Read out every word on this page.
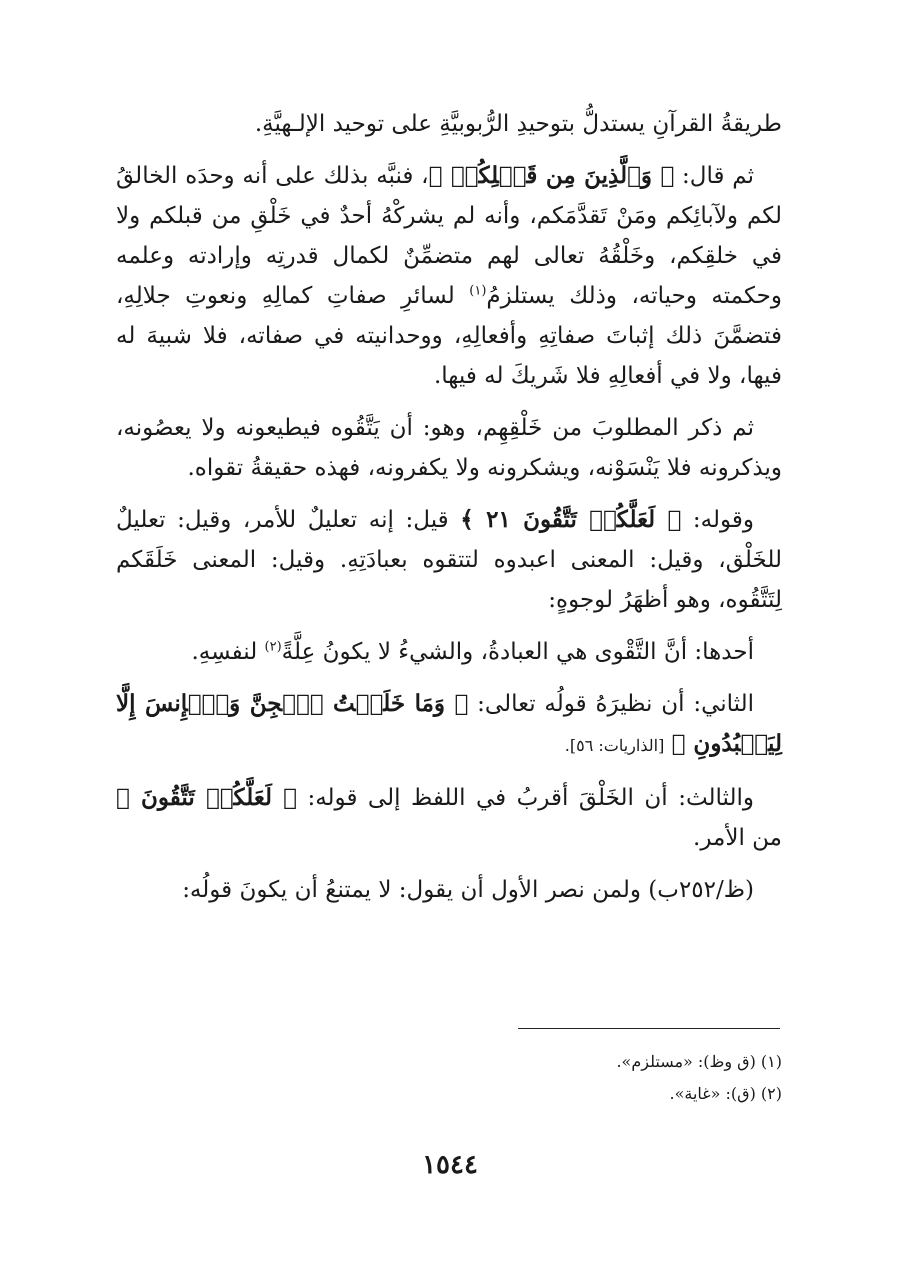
طريقةُ القرآنِ يستدلُّ بتوحيدِ الرُّبوبيَّةِ على توحيد الإلـهيَّةِ.

ثم قال: ﴿ وَٱلَّذِينَ مِن قَبۡلِكُمۡ ﴾، فنبَّه بذلك على أنه وحدَه الخالقُ لكم ولآبائِكم ومَنْ تَقدَّمَكم، وأنه لم يشركْهُ أحدٌ في خَلْقِ من قبلكم ولا في خلقِكم، وخَلْقُهُ تعالى لهم متضمِّنٌ لكمال قدرتِه وإرادته وعلمه وحكمته وحياته، وذلك يستلزمُ$^{(١)}$ لسائرِ صفاتِ كمالِهِ ونعوتِ جلالِهِ، فتضمَّنَ ذلك إثباتَ صفاتِهِ وأفعالِهِ، ووحدانيته في صفاته، فلا شبيهَ له فيها، ولا في أفعالِهِ فلا شَريكَ له فيها.

ثم ذكر المطلوبَ من خَلْقِهِم، وهو: أن يَتَّقُوه فيطيعونه ولا يعصُونه، ويذكرونه فلا يَنْسَوْنه، ويشكرونه ولا يكفرونه، فهذه حقيقةُ تقواه.

وقوله: ﴿ لَعَلَّكُمۡ تَتَّقُونَ ٢١ ﴾ قيل: إنه تعليلٌ للأمر، وقيل: تعليلٌ للخَلْق، وقيل: المعنى اعبدوه لتتقوه بعبادَتِهِ. وقيل: المعنى خَلَقَكم لِتَتَّقُوه، وهو أظهَرُ لوجوهٍ:

أحدها: أنَّ التَّقْوى هي العبادةُ، والشيءُ لا يكونُ عِلَّةً$^{(٢)}$ لنفسِهِ.

الثاني: أن نظيرَهُ قولُه تعالى: ﴿ وَمَا خَلَقۡتُ ٱلۡجِنَّ وَٱلۡإِنسَ إِلَّا لِيَعۡبُدُونِ ﴾ [الذاريات: ٥٦].

والثالث: أن الخَلْقَ أقربُ في اللفظ إلى قوله: ﴿ لَعَلَّكُمۡ تَتَّقُونَ ﴾ من الأمر.

(ظ/٢٥٢ب) ولمن نصر الأول أن يقول: لا يمتنعُ أن يكونَ قولُه:

(١) (ق وظ): «مستلزم».

(٢) (ق): «غاية».

١٥٤٤
